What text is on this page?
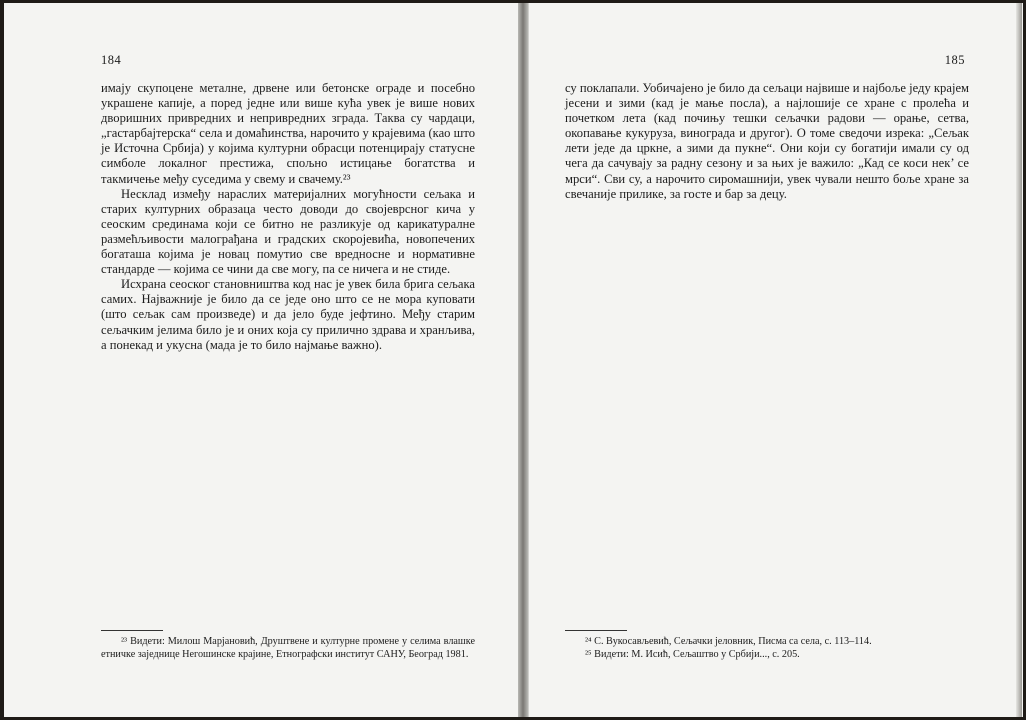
184

имају скупоцене металне, дрвене или бетонске ограде и посебно украшене капије, а поред једне или више кућа увек је више нових дворишних привредних и непривредних зграда. Таква су чардаци, „гастарбајтерска“ села и домаћинства, нарочито у крајевима (као што је Источна Србија) у којима културни обрасци потенцирају статусне симболе локалног престижа, спољно истицање богатства и такмичење међу суседима у свему и свачему.²³

Несклад између нараслих материјалних могућности сељака и старих културних образаца често доводи до својеврсног кича у сеоским срединама који се битно не разликује од карикатуралне размећљивости малограђана и градских скоројевића, новопечених богаташа којима је новац помутио све вредносне и нормативне стандарде — којима се чини да све могу, па се ничега и не стиде.

Исхрана сеоског становништва код нас је увек била брига сељака самих. Најважније је било да се једе оно што се не мора куповати (што сељак сам произведе) и да јело буде јефтино. Међу старим сељачким јелима било је и оних која су прилично здрава и хранљива, а понекад и укусна (мада је то било најмање важно).

²³ Видети: Милош Марјановић, Друштвене и културне промене у селима влашке етничке заједнице Негошинске крајине, Етнографски институт САНУ, Београд 1981.

185

су поклапали. Уобичајено је било да сељаци највише и најбоље једу крајем јесени и зими (кад је мање посла), а најлошије се хране с пролећа и почетком лета (кад почињу тешки сељачки радови — орање, сетва, окопавање кукуруза, винограда и другог). О томе сведочи изрека: „Сељак лети једе да цркне, а зими да пукне“. Они који су богатији имали су од чега да сачувају за радну сезону и за њих је важило: „Кад се коси нек’ се мрси“. Сви су, а нарочито сиромашнији, увек чували нешто боље хране за свечаније прилике, за госте и бар за децу.

²⁴ С. Вукосављевић, Сељачки јеловник, Писма са села, с. 113–114.

²⁵ Видети: М. Исић, Сељаштво у Србији..., с. 205.
